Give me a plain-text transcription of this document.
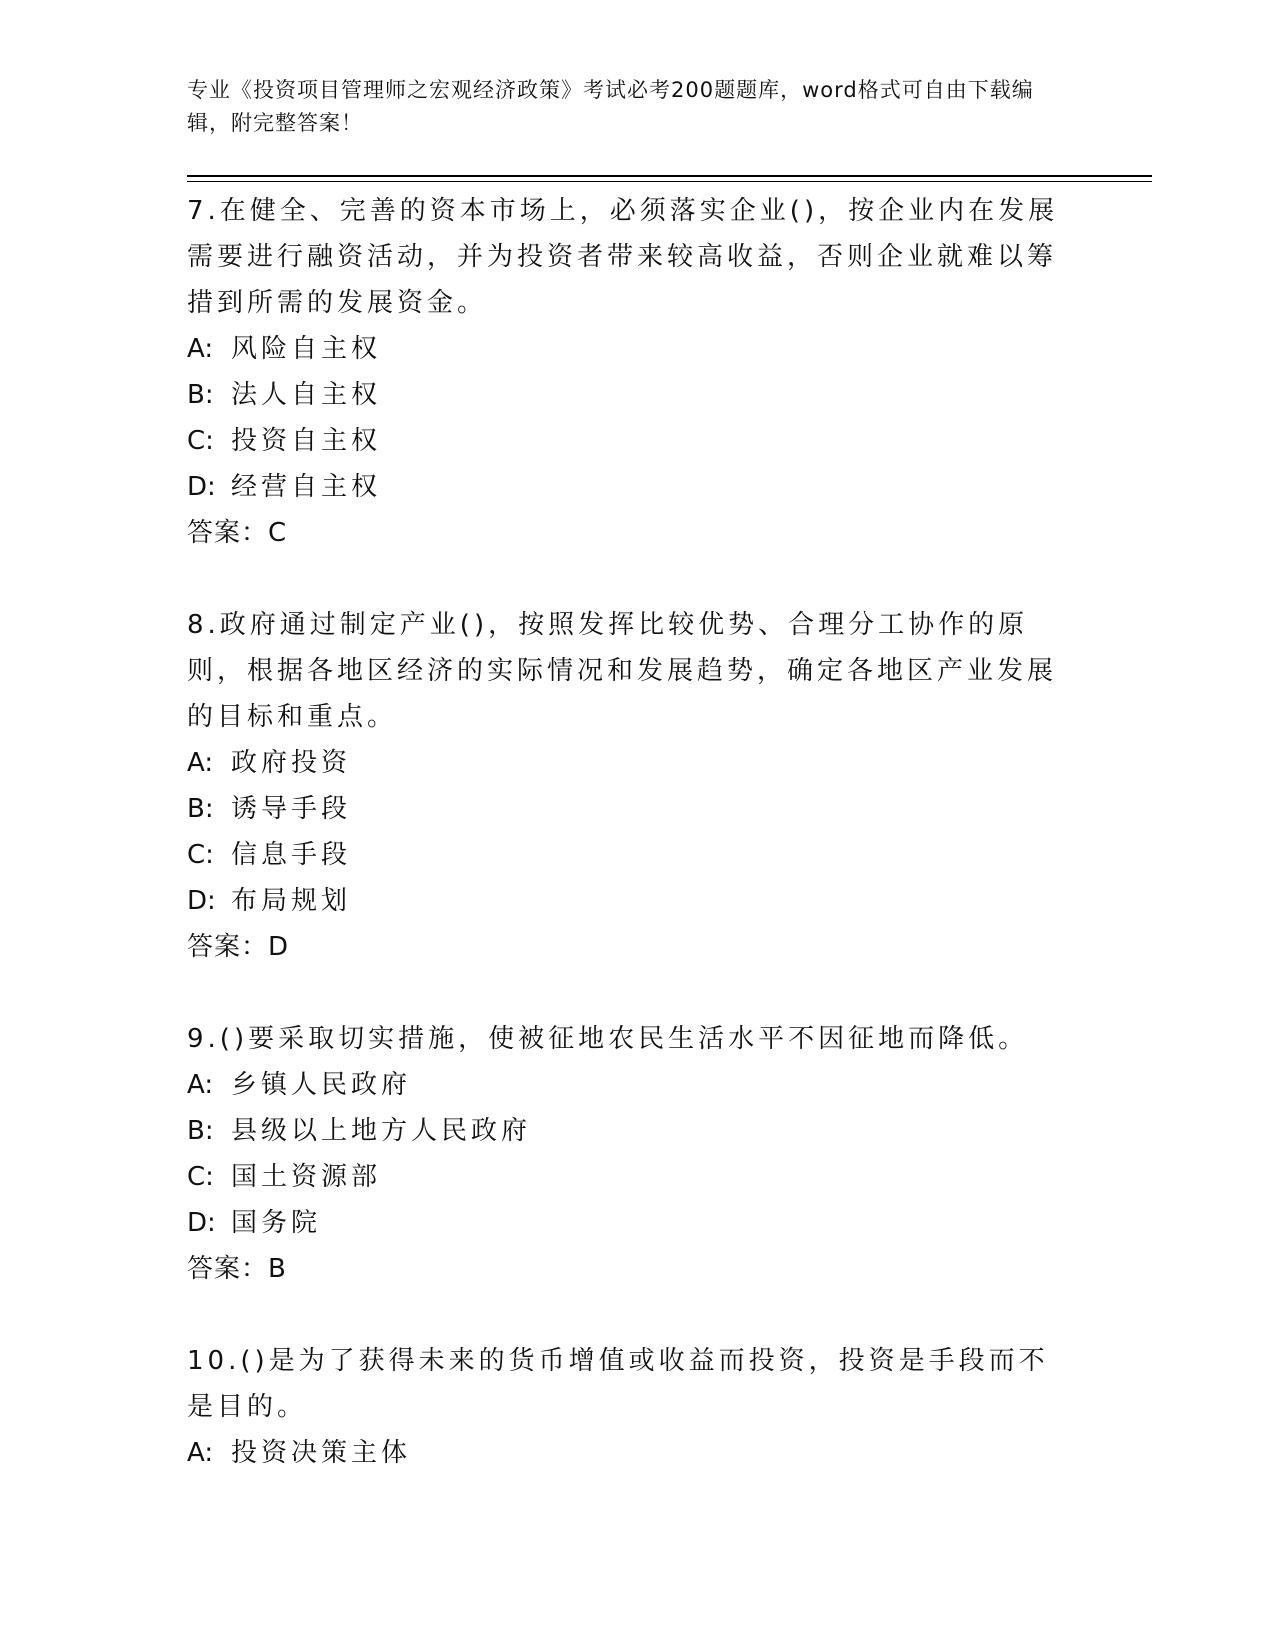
专业《投资项目管理师之宏观经济政策》考试必考200题题库，word格式可自由下载编辑，附完整答案！

7.在健全、完善的资本市场上，必须落实企业()，按企业内在发展需要进行融资活动，并为投资者带来较高收益，否则企业就难以筹措到所需的发展资金。

A: 风险自主权

B: 法人自主权

C: 投资自主权

D: 经营自主权

答案：C

8.政府通过制定产业()，按照发挥比较优势、合理分工协作的原则，根据各地区经济的实际情况和发展趋势，确定各地区产业发展的目标和重点。

A: 政府投资

B: 诱导手段

C: 信息手段

D: 布局规划

答案：D

9.()要采取切实措施，使被征地农民生活水平不因征地而降低。

A: 乡镇人民政府

B: 县级以上地方人民政府

C: 国土资源部

D: 国务院

答案：B

10.()是为了获得未来的货币增值或收益而投资，投资是手段而不是目的。

A: 投资决策主体
